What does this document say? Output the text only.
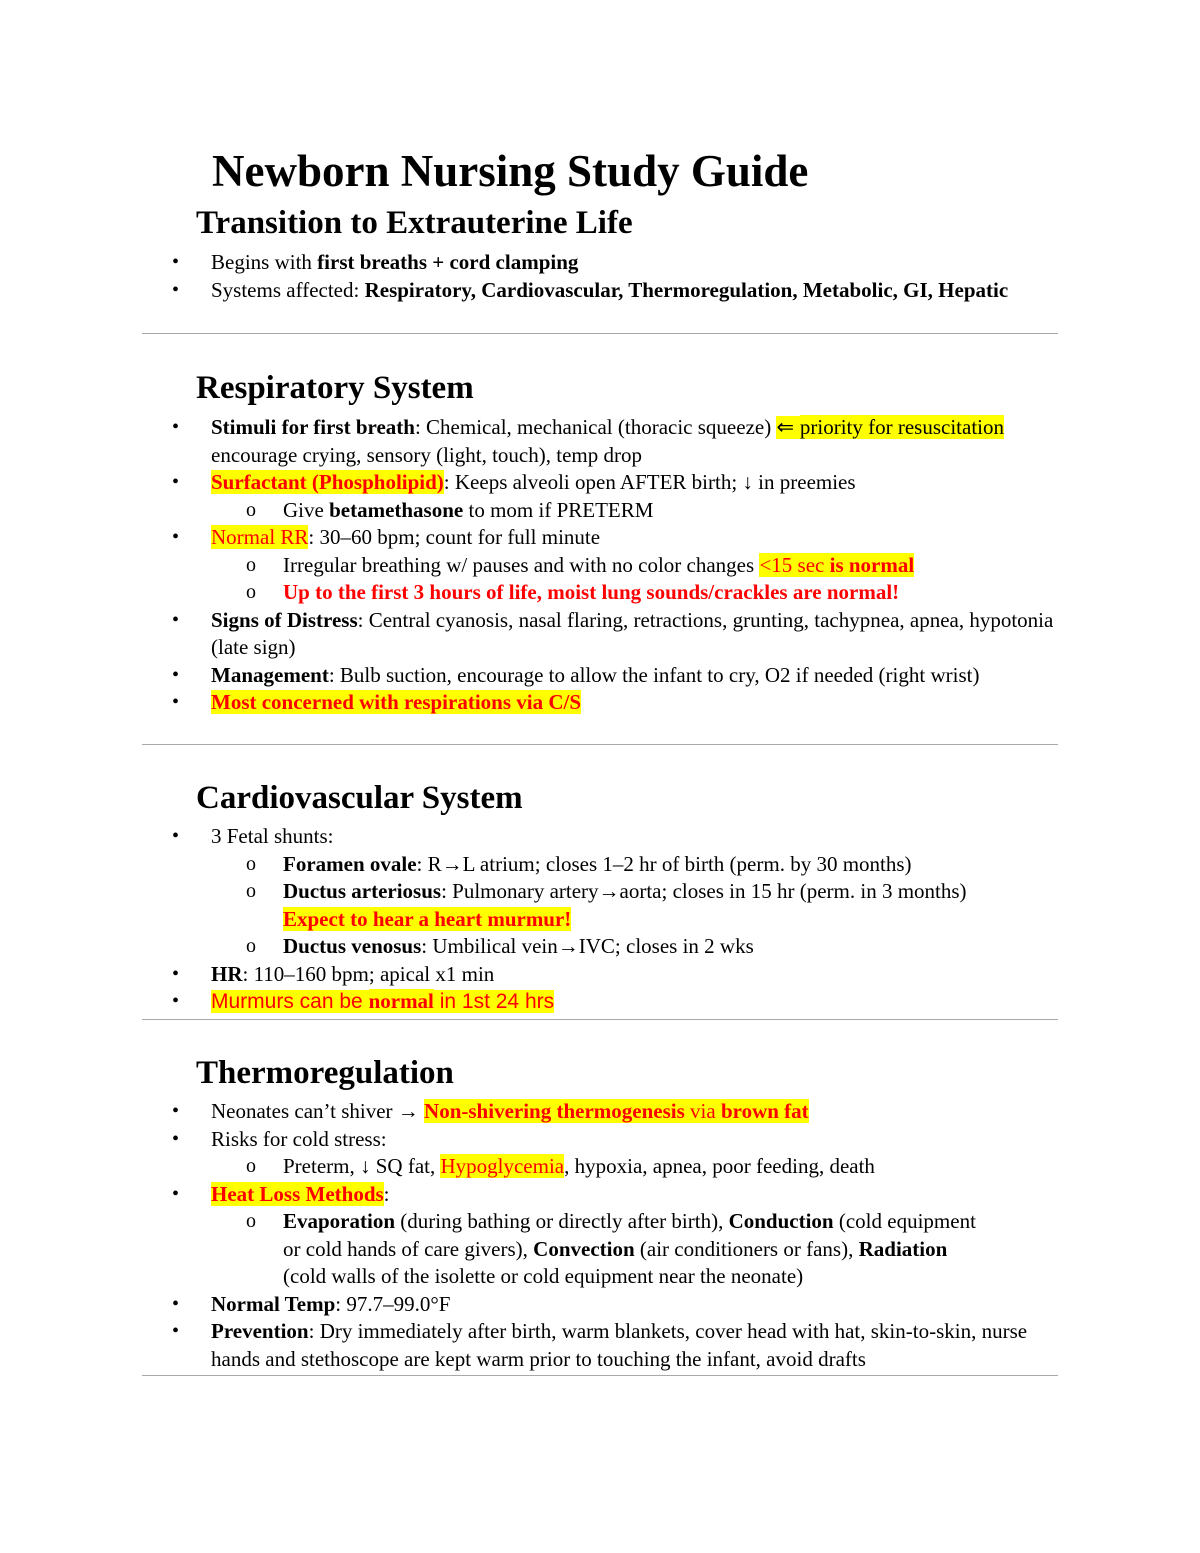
Newborn Nursing Study Guide
Transition to Extrauterine Life
• Begins with first breaths + cord clamping
• Systems affected: Respiratory, Cardiovascular, Thermoregulation, Metabolic, GI, Hepatic
Respiratory System
• Stimuli for first breath: Chemical, mechanical (thoracic squeeze) ⇐ priority for resuscitation encourage crying, sensory (light, touch), temp drop
• Surfactant (Phospholipid): Keeps alveoli open AFTER birth; ↓ in preemies
o Give betamethasone to mom if PRETERM
• Normal RR: 30–60 bpm; count for full minute
o Irregular breathing w/ pauses and with no color changes <15 sec is normal
o Up to the first 3 hours of life, moist lung sounds/crackles are normal!
• Signs of Distress: Central cyanosis, nasal flaring, retractions, grunting, tachypnea, apnea, hypotonia (late sign)
• Management: Bulb suction, encourage to allow the infant to cry, O2 if needed (right wrist)
• Most concerned with respirations via C/S
Cardiovascular System
• 3 Fetal shunts:
o Foramen ovale: R→L atrium; closes 1–2 hr of birth (perm. by 30 months)
o Ductus arteriosus: Pulmonary artery→aorta; closes in 15 hr (perm. in 3 months)
Expect to hear a heart murmur!
o Ductus venosus: Umbilical vein→IVC; closes in 2 wks
• HR: 110–160 bpm; apical x1 min
• Murmurs can be normal in 1st 24 hrs
Thermoregulation
• Neonates can’t shiver → Non-shivering thermogenesis via brown fat
• Risks for cold stress:
o Preterm, ↓ SQ fat, Hypoglycemia, hypoxia, apnea, poor feeding, death
• Heat Loss Methods:
o Evaporation (during bathing or directly after birth), Conduction (cold equipment or cold hands of care givers), Convection (air conditioners or fans), Radiation (cold walls of the isolette or cold equipment near the neonate)
• Normal Temp: 97.7–99.0°F
• Prevention: Dry immediately after birth, warm blankets, cover head with hat, skin-to-skin, nurse hands and stethoscope are kept warm prior to touching the infant, avoid drafts
